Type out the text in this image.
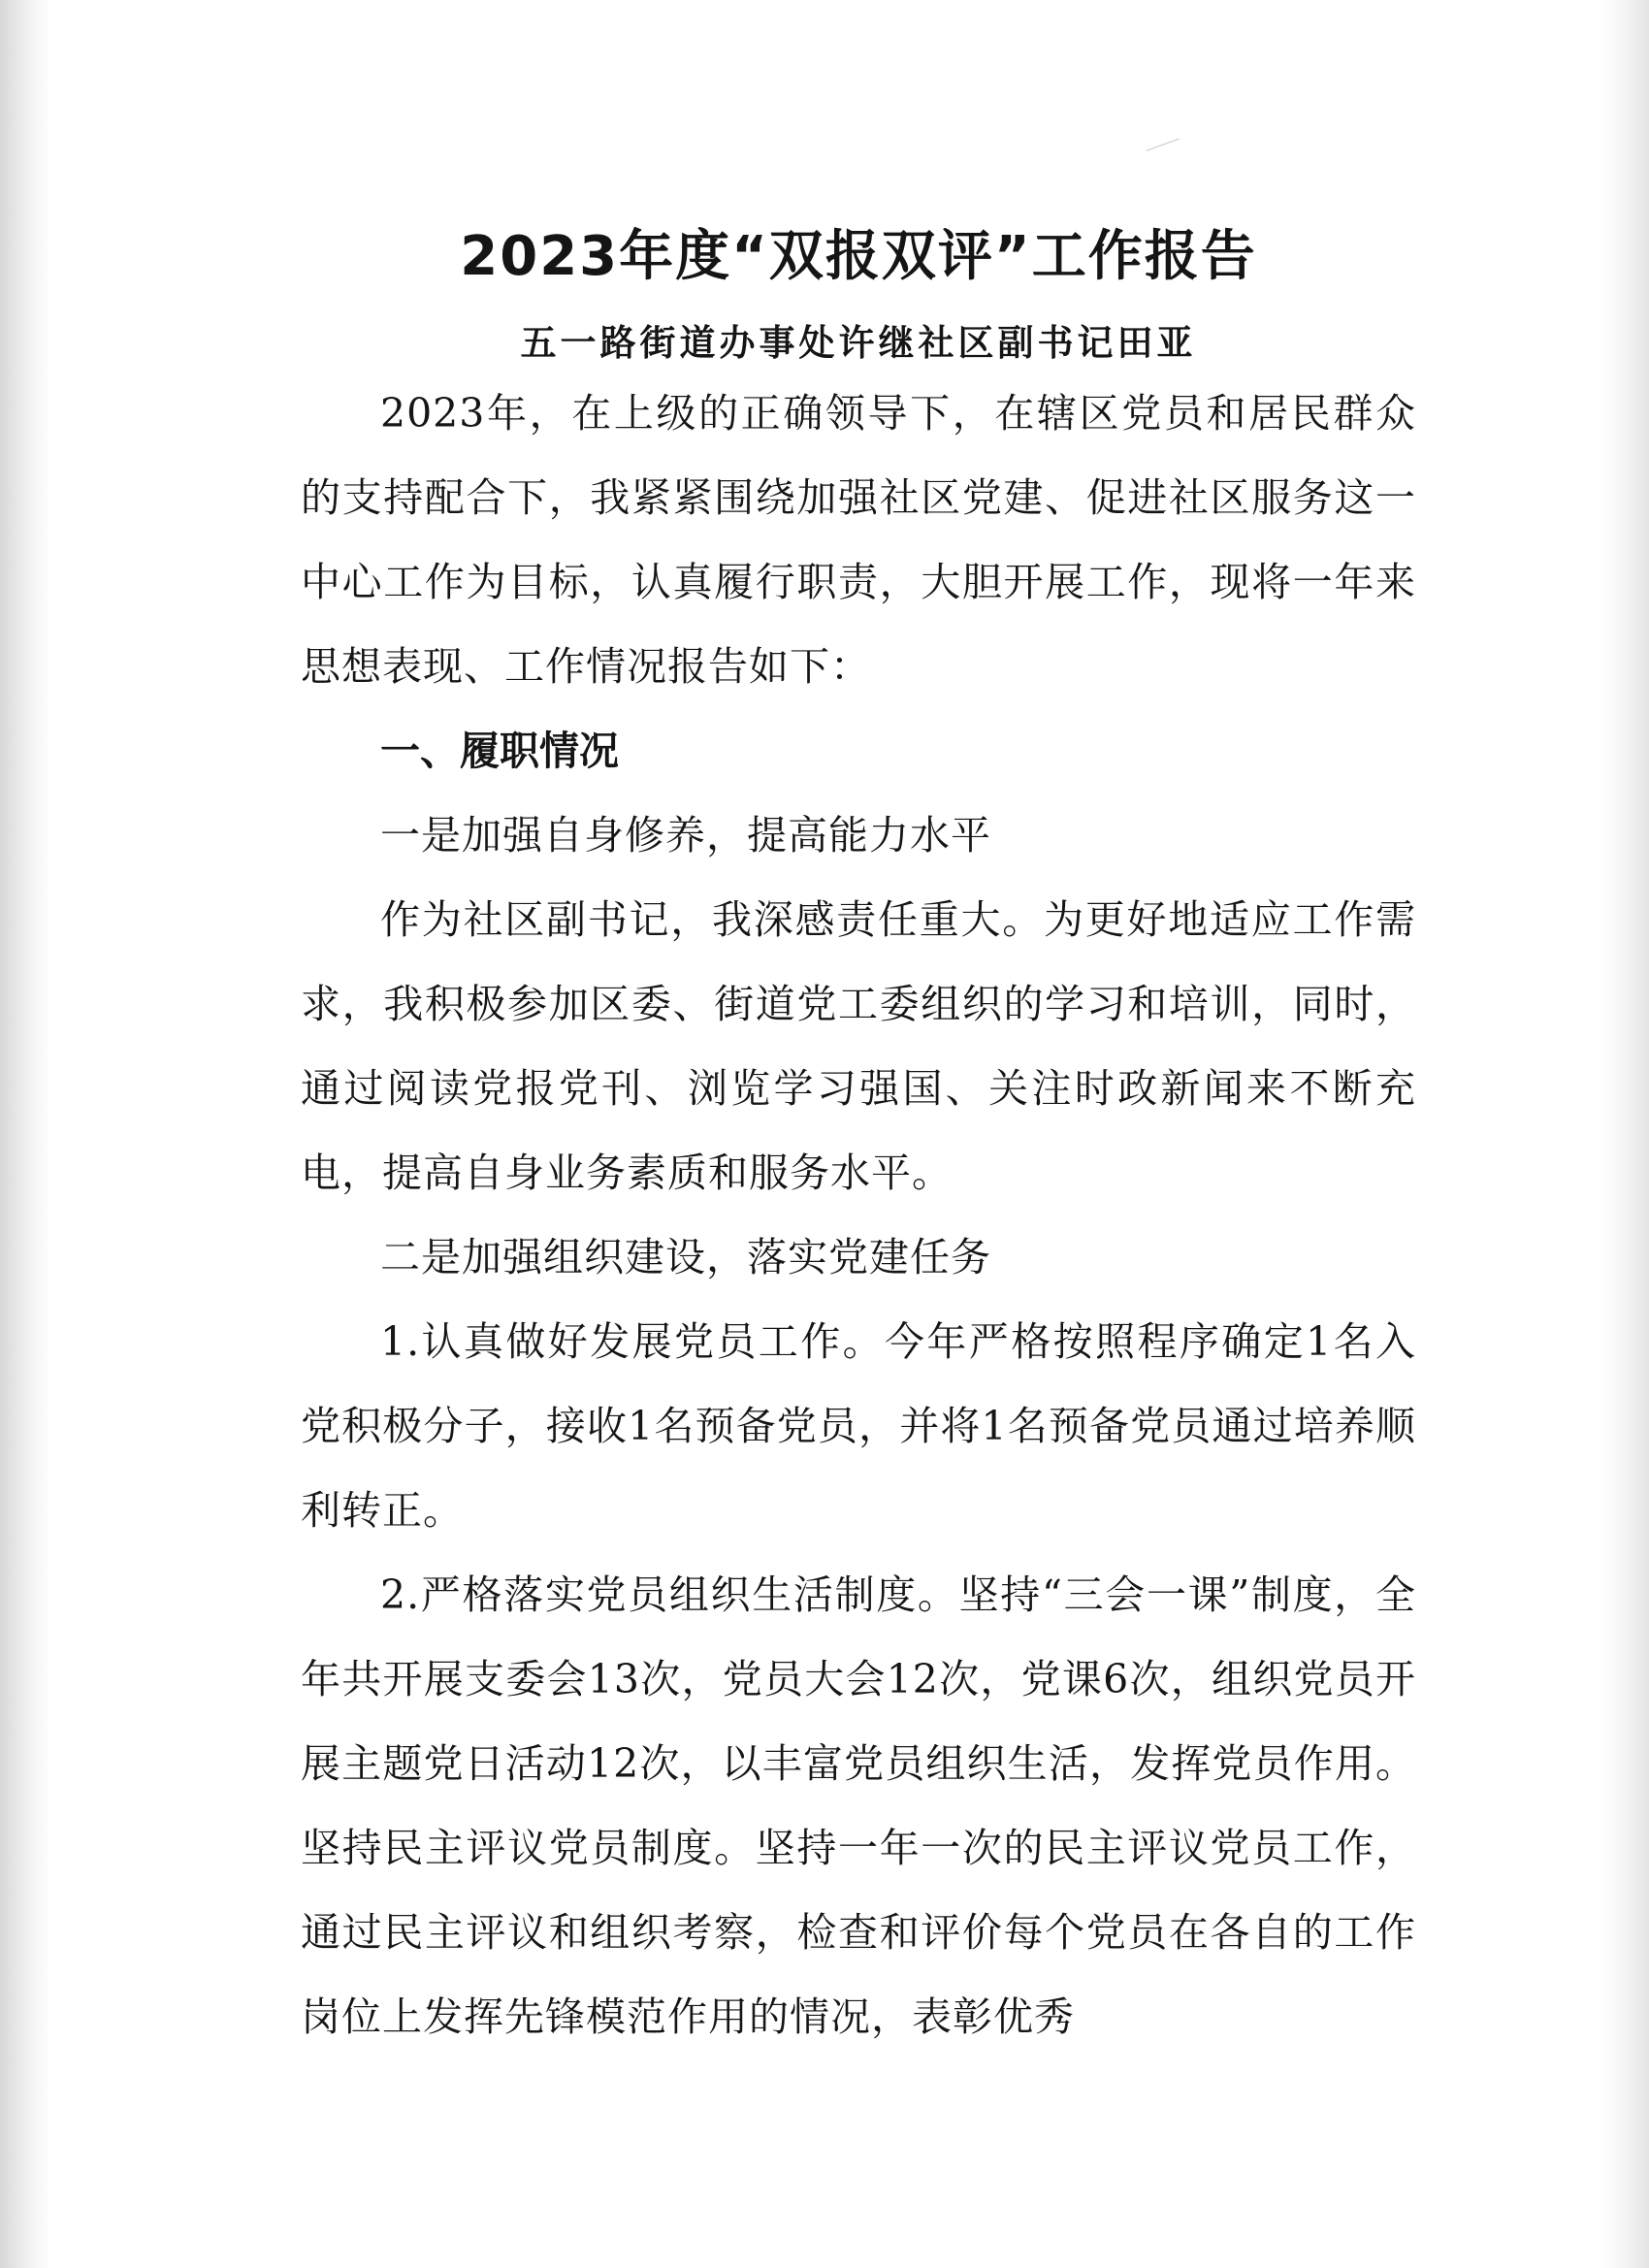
2023年度“双报双评”工作报告
五一路街道办事处许继社区副书记田亚

2023年，在上级的正确领导下，在辖区党员和居民群众的支持配合下，我紧紧围绕加强社区党建、促进社区服务这一中心工作为目标，认真履行职责，大胆开展工作，现将一年来思想表现、工作情况报告如下：

一、履职情况

一是加强自身修养，提高能力水平

作为社区副书记，我深感责任重大。为更好地适应工作需求，我积极参加区委、街道党工委组织的学习和培训，同时，通过阅读党报党刊、浏览学习强国、关注时政新闻来不断充电，提高自身业务素质和服务水平。

二是加强组织建设，落实党建任务

1.认真做好发展党员工作。今年严格按照程序确定1名入党积极分子，接收1名预备党员，并将1名预备党员通过培养顺利转正。

2.严格落实党员组织生活制度。坚持“三会一课”制度，全年共开展支委会13次，党员大会12次，党课6次，组织党员开展主题党日活动12次，以丰富党员组织生活，发挥党员作用。坚持民主评议党员制度。坚持一年一次的民主评议党员工作，通过民主评议和组织考察，检查和评价每个党员在各自的工作岗位上发挥先锋模范作用的情况，表彰优秀
